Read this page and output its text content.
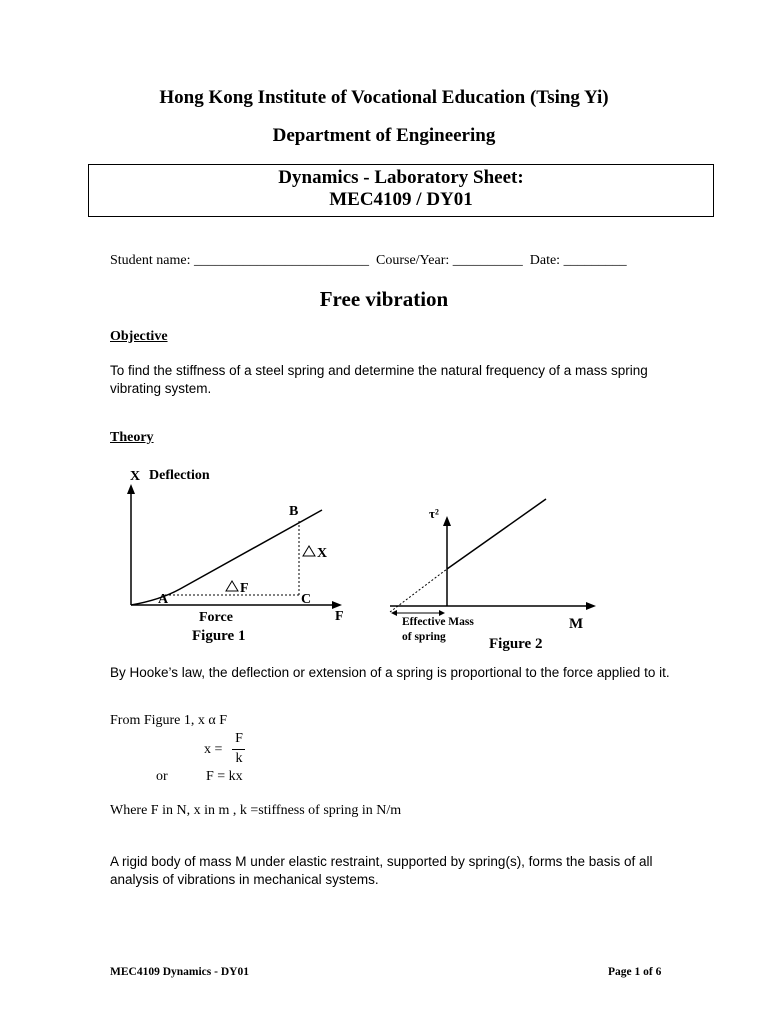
Hong Kong Institute of Vocational Education (Tsing Yi)
Department of Engineering
Dynamics - Laboratory Sheet:
MEC4109 / DY01
Student name: _________________________ Course/Year: __________ Date: _________
Free vibration
Objective
To find the stiffness of a steel spring and determine the natural frequency of a mass spring vibrating system.
Theory
X
F
X Deflection
B
A	C
Force	F
Figure 1
τ²
M
Effective Mass
of spring	Figure 2
By Hooke’s law, the deflection or extension of a spring is proportional to the force applied to it.
From Figure 1, x α F
x =
F
k
or	F = kx
Where F in N, x in m , k =stiffness of spring in N/m
A rigid body of mass M under elastic restraint, supported by spring(s), forms the basis of all analysis of vibrations in mechanical systems.
MEC4109 Dynamics - DY01	Page 1 of 6
